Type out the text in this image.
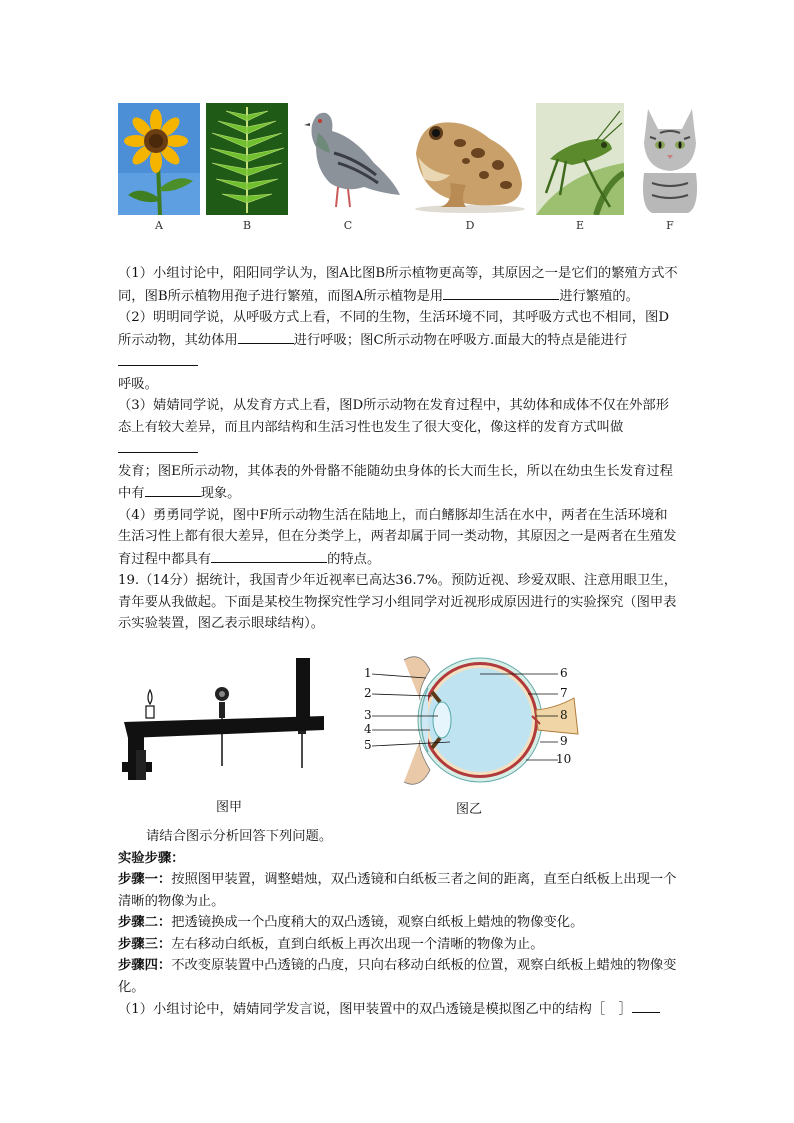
A	B	C	D	E	F

（1）小组讨论中，阳阳同学认为，图A比图B所示植物更高等，其原因之一是它们的繁殖方式不同，图B所示植物用孢子进行繁殖，而图A所示植物是用	进行繁殖的。

（2）明明同学说，从呼吸方式上看，不同的生物，生活环境不同，其呼吸方式也不相同，图D所示动物，其幼体用	进行呼吸；图C所示动物在呼吸方.面最大的特点是能进行
呼吸。

（3）婧婧同学说，从发育方式上看，图D所示动物在发育过程中，其幼体和成体不仅在外部形态上有较大差异，而且内部结构和生活习性也发生了很大变化，像这样的发育方式叫做
发育；图E所示动物，其体表的外骨骼不能随幼虫身体的长大而生长，所以在幼虫生长发育过程中有	现象。

（4）勇勇同学说，图中F所示动物生活在陆地上，而白鳍豚却生活在水中，两者在生活环境和生活习性上都有很大差异，但在分类学上，两者却属于同一类动物，其原因之一是两者在生殖发育过程中都具有	的特点。

19.（14分）据统计，我国青少年近视率已高达36.7%。预防近视、珍爱双眼、注意用眼卫生，青年要从我做起。下面是某校生物探究性学习小组同学对近视形成原因进行的实验探究（图甲表示实验装置，图乙表示眼球结构）。

图甲
1
2
3
4
5
6
7
8
9
10
图乙

请结合图示分析回答下列问题。

实验步骤：

步骤一：按照图甲装置，调整蜡烛，双凸透镜和白纸板三者之间的距离，直至白纸板上出现一个清晰的物像为止。

步骤二：把透镜换成一个凸度稍大的双凸透镜，观察白纸板上蜡烛的物像变化。

步骤三：左右移动白纸板，直到白纸板上再次出现一个清晰的物像为止。

步骤四：不改变原装置中凸透镜的凸度，只向右移动白纸板的位置，观察白纸板上蜡烛的物像变化。

（1）小组讨论中，婧婧同学发言说，图甲装置中的双凸透镜是模拟图乙中的结构［　］
